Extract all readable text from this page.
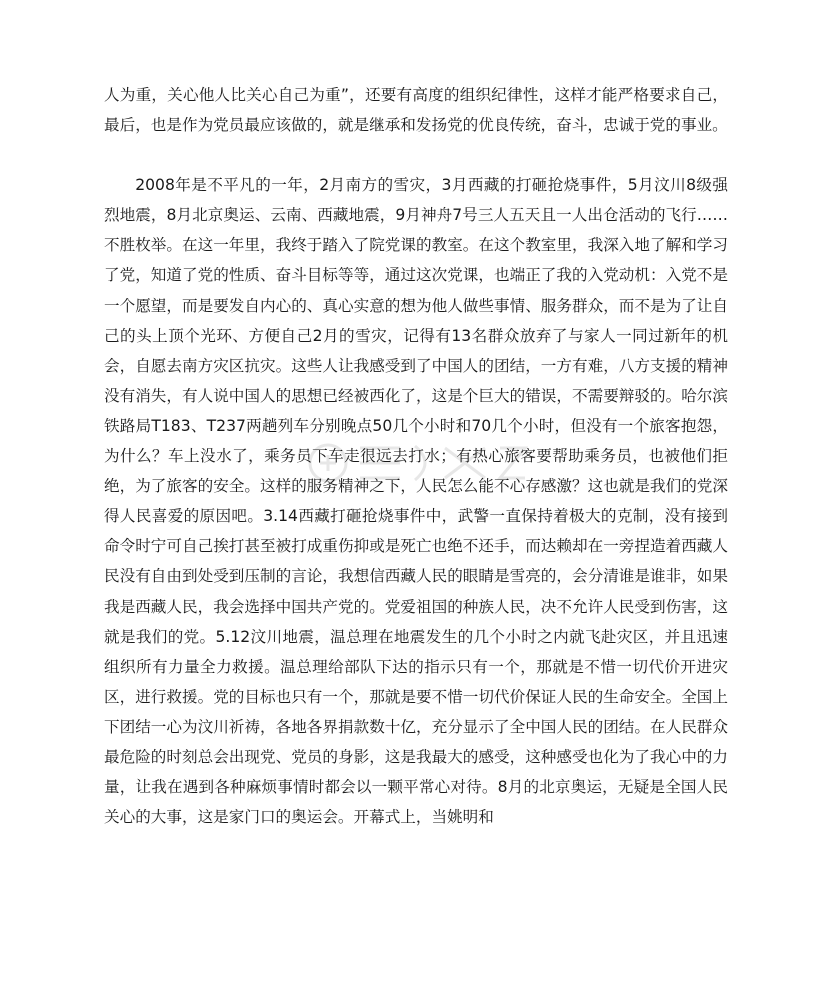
人为重，关心他人比关心自己为重”，还要有高度的组织纪律性，这样才能严格要求自己，最后，也是作为党员最应该做的，就是继承和发扬党的优良传统，奋斗，忠诚于党的事业。

2008年是不平凡的一年，2月南方的雪灾，3月西藏的打砸抢烧事件，5月汶川8级强烈地震，8月北京奥运、云南、西藏地震，9月神舟7号三人五天且一人出仓活动的飞行……不胜枚举。在这一年里，我终于踏入了院党课的教室。在这个教室里，我深入地了解和学习了党，知道了党的性质、奋斗目标等等，通过这次党课，也端正了我的入党动机：入党不是一个愿望，而是要发自内心的、真心实意的想为他人做些事情、服务群众，而不是为了让自己的头上顶个光环、方便自己2月的雪灾，记得有13名群众放弃了与家人一同过新年的机会，自愿去南方灾区抗灾。这些人让我感受到了中国人的团结，一方有难，八方支援的精神没有消失，有人说中国人的思想已经被西化了，这是个巨大的错误，不需要辩驳的。哈尔滨铁路局T183、T237两趟列车分别晚点50几个小时和70几个小时，但没有一个旅客抱怨，为什么？车上没水了，乘务员下车走很远去打水；有热心旅客要帮助乘务员，也被他们拒绝，为了旅客的安全。这样的服务精神之下，人民怎么能不心存感激？这也就是我们的党深得人民喜爱的原因吧。3.14西藏打砸抢烧事件中，武警一直保持着极大的克制，没有接到命令时宁可自己挨打甚至被打成重伤抑或是死亡也绝不还手，而达赖却在一旁捏造着西藏人民没有自由到处受到压制的言论，我想信西藏人民的眼睛是雪亮的，会分清谁是谁非，如果我是西藏人民，我会选择中国共产党的。党爱祖国的种族人民，决不允许人民受到伤害，这就是我们的党。5.12汶川地震，温总理在地震发生的几个小时之内就飞赴灾区，并且迅速组织所有力量全力救援。温总理给部队下达的指示只有一个，那就是不惜一切代价开进灾区，进行救援。党的目标也只有一个，那就是要不惜一切代价保证人民的生命安全。全国上下团结一心为汶川祈祷，各地各界捐款数十亿，充分显示了全中国人民的团结。在人民群众最危险的时刻总会出现党、党员的身影，这是我最大的感受，这种感受也化为了我心中的力量，让我在遇到各种麻烦事情时都会以一颗平常心对待。8月的北京奥运，无疑是全国人民关心的大事，这是家门口的奥运会。开幕式上，当姚明和
